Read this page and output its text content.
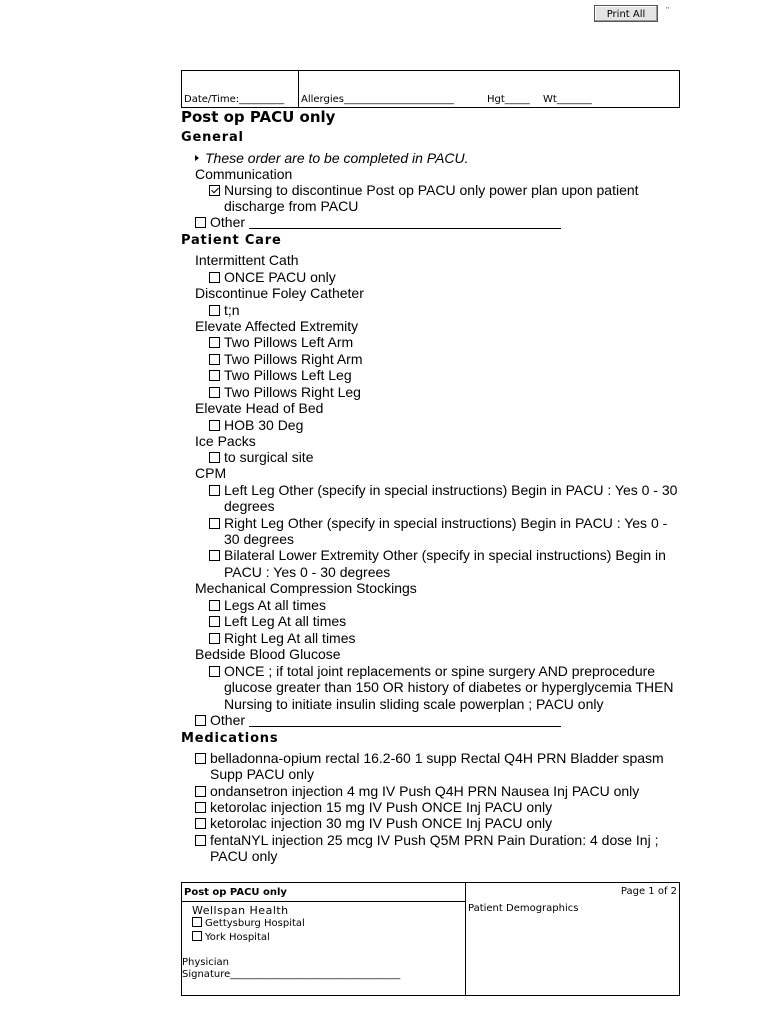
Print All	''
Date/Time:_________ Allergies______________________	Hgt_____ Wt_______
Post op PACU only
General
These order are to be completed in PACU.
Communication
Nursing to discontinue Post op PACU only power plan upon patient
discharge from PACU
Other
Patient Care
Intermittent Cath
ONCE PACU only
Discontinue Foley Catheter
t;n
Elevate Affected Extremity
Two Pillows Left Arm
Two Pillows Right Arm
Two Pillows Left Leg
Two Pillows Right Leg
Elevate Head of Bed
HOB 30 Deg
Ice Packs
to surgical site
CPM
Left Leg Other (specify in special instructions) Begin in PACU : Yes 0 - 30
degrees
Right Leg Other (specify in special instructions) Begin in PACU : Yes 0 -
30 degrees
Bilateral Lower Extremity Other (specify in special instructions) Begin in
PACU : Yes 0 - 30 degrees
Mechanical Compression Stockings
Legs At all times
Left Leg At all times
Right Leg At all times
Bedside Blood Glucose
ONCE ; if total joint replacements or spine surgery AND preprocedure
glucose greater than 150 OR history of diabetes or hyperglycemia THEN
Nursing to initiate insulin sliding scale powerplan ; PACU only
Other
Medications
belladonna-opium rectal 16.2-60 1 supp Rectal Q4H PRN Bladder spasm
Supp PACU only
ondansetron injection 4 mg IV Push Q4H PRN Nausea Inj PACU only
ketorolac injection 15 mg IV Push ONCE Inj PACU only
ketorolac injection 30 mg IV Push ONCE Inj PACU only
fentaNYL injection 25 mcg IV Push Q5M PRN Pain Duration: 4 dose Inj ;
PACU only
Post op PACU only	Page 1 of 2
Wellspan Health
Gettysburg Hospital
York Hospital
Patient Demographics
Physician
Signature__________________________________
